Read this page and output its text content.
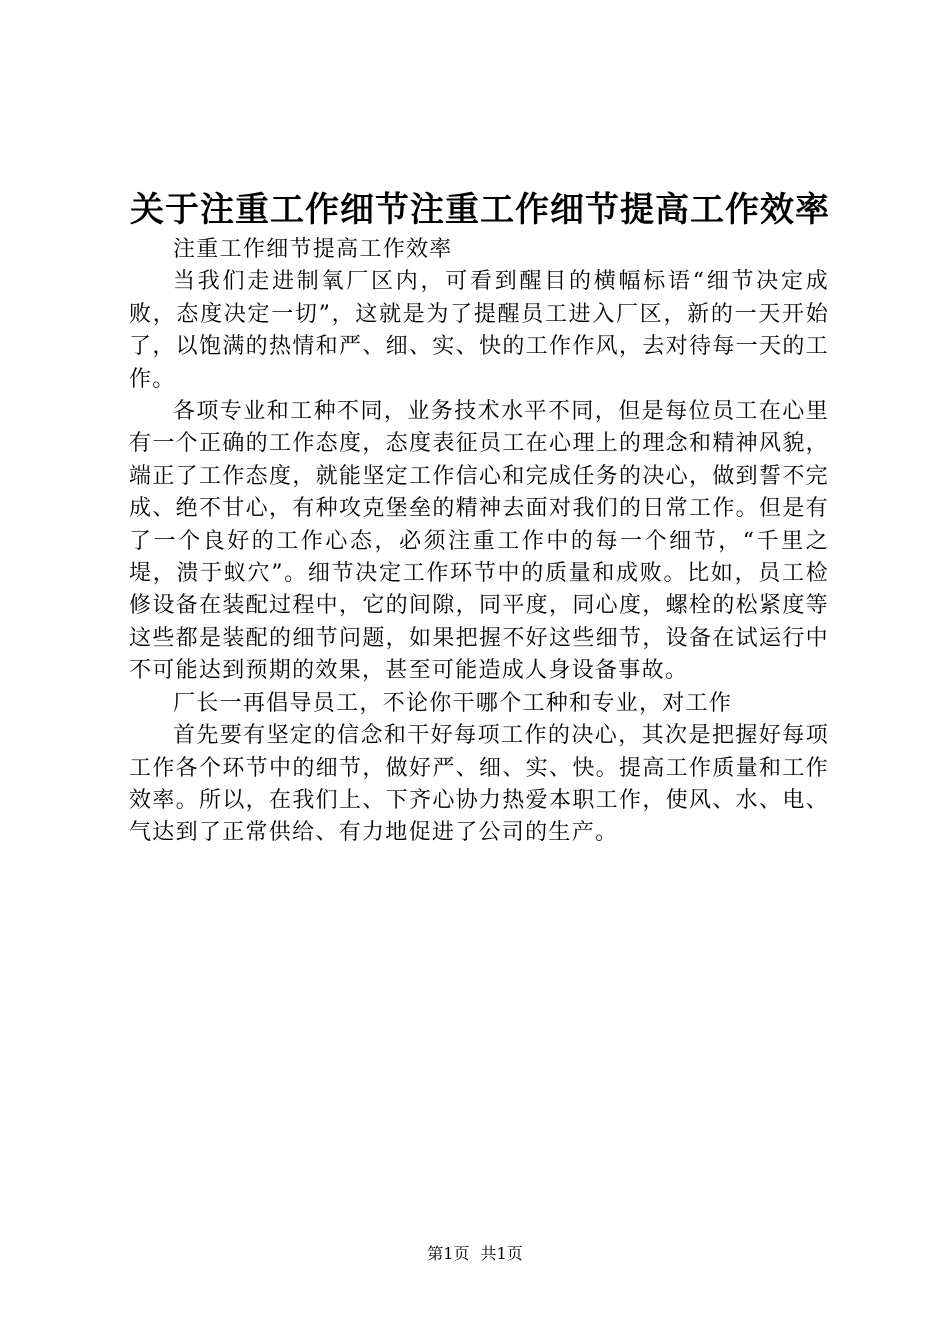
关于注重工作细节注重工作细节提高工作效率

注重工作细节提高工作效率

当我们走进制氧厂区内，可看到醒目的横幅标语“细节决定成败，态度决定一切”，这就是为了提醒员工进入厂区，新的一天开始了，以饱满的热情和严、细、实、快的工作作风，去对待每一天的工作。

各项专业和工种不同，业务技术水平不同，但是每位员工在心里有一个正确的工作态度，态度表征员工在心理上的理念和精神风貌，端正了工作态度，就能坚定工作信心和完成任务的决心，做到誓不完成、绝不甘心，有种攻克堡垒的精神去面对我们的日常工作。但是有了一个良好的工作心态，必须注重工作中的每一个细节，“千里之堤，溃于蚁穴”。细节决定工作环节中的质量和成败。比如，员工检修设备在装配过程中，它的间隙，同平度，同心度，螺栓的松紧度等这些都是装配的细节问题，如果把握不好这些细节，设备在试运行中不可能达到预期的效果，甚至可能造成人身设备事故。

厂长一再倡导员工，不论你干哪个工种和专业，对工作

首先要有坚定的信念和干好每项工作的决心，其次是把握好每项工作各个环节中的细节，做好严、细、实、快。提高工作质量和工作效率。所以，在我们上、下齐心协力热爱本职工作，使风、水、电、气达到了正常供给、有力地促进了公司的生产。

第1页 共1页
